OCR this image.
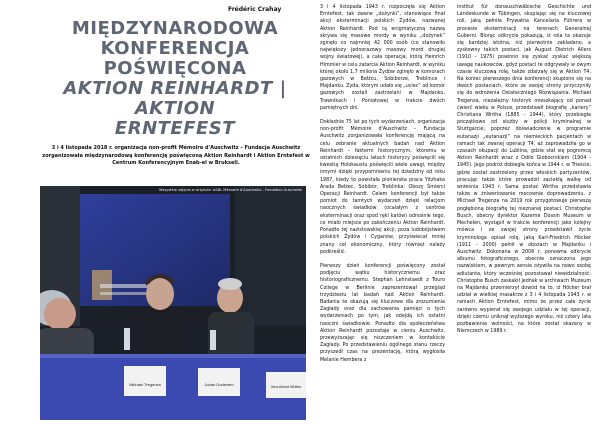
Frédéric Crahay
MIĘDZYNARODOWA
KONFERENCJA POŚWIĘCONA
AKTION REINHARDT | AKTION
ERNTEFEST
3 i 4 listopada 2018 r. organizacja non-profit Mémoire d'Auschwitz – Fundacja Auschwitz zorganizowała międzynarodową konferencję poświęconą Aktion Reinhardt i Aktion Erntefest w Centrum Konferencyjnym Enab-el w Brukseli.
Michael Tregenza	Johan Dodecem	Jens-Bernd Whitter
Wszystkie zdjęcia w artykule: ASBL Mémoire d'Auschwitz - Fondation Auschwitz

3 i 4 listopada 1943 r. rozpoczęła się Aktion Erntefest, tak zwane „dożynki”, stanowiące finał akcji eksterminacji polskich Żydów, nazwanej Aktion Reinhardt. Pod tą enigmatyczną nazwą skrywa się masowe mordy w wyniku „dożynek” zginęło co najmniej 42 000 osób (co stanowiło największy jednorazowy masowy mord drugiej wojny światowej), a cała operacja, którą Heinrich Himmler w celu zatarcia Aktion Reinhardt, w wyniku której około 1,7 miliona Żydów zginęło w komorach gazowych w Bełżcu, Sobiborze, Treblince i Majdanku. Zyda, którym udało się „uciec” od komór gazowych zostali zastrzelani w Majdanku, Trawnikach i Poniatowej w trakcie dwóch pamiętnych dni.

Dokładnie 75 lat po tych wydarzeniach, organizacja non-profit Mémoire d'Auschwitz – Fundacja Auschwitz zorganizowała konferencję mającą na celu zebranie aktualnych badań nad Aktion Reinhardt – fakterm historycznym, któremu w ostatnich dziesięciu latach historycy poświęcili się kwestią Holokaustu poświęcili wiele uwagi, między innymi dzięki przypomnieniu tej dziedziny od roku 1987, kiedy to powstała pionierska praca Yitzhaka Arada Bełżec, Sobibór, Treblinka: Obozy Śmierci Operacji Reinhardt. Celem konferencji był także pomiot do tamtych wydarzeń dzięki relacjom naocznych świadków (ocalałym z centrów eksterminacji oraz spod ręki katów) odnośnie tego, co miało miejsce po zakończeniu Aktion Reinhardt. Ponadto tej nazistowskiej akcji, poza ludobójstwem polskich Żydów i Cyganów, przyświecał mniej znany cel ekonomiczny, który również należy podkreślić.

Pierwszy dzień konferencji poświęcony został podjęciu wątku historycznemu oraz historiograficznemu. Stephan Lehnstaedt z Touro College w Berlinie zaprezentował przegląd trzydziestu lat badań nad Aktion Reinhardt. Badania te okazują się kluczowe dla zrozumienia Zagłady oraz dla zachowania pamięci o tych wydarzeniach po tym, jak odejdą ich ostatni naoczni świadkowie. Ponadto dla społeczeństwa Aktion Reinhardt pozostaje w cieniu Auschwitz, przewyższając się niszczeniem w kontekście Zagłady. Po przedstawieniu ogólnego stanu rzeczy przyszedł czas na prezentację, którą wygłosiła Melanie Hembera z

Institut für donauschwäbische Geschichte und Landeskunde w Tübingen, skupiając się na kluczowej roli, jaką pełniła Prywatna Kancelaria Führera w procesie eksterminacji na terenach Generalnej Guberni. Biorąc odkrycie pokazują, iż rola ta okazuje się bardziej istotna, niż pierwotnie zakładano, a zyskowny takich postaci, jak August Dietrich Allers (1910 - 1975) powinno się zyskać zyskać większą uwagę naukowców, gdyż postaci te odgrywały w owym czasie kluczową rolę, także zdarzały się w Aktion T4. Na koniec pierwszego dnia konferencji skupiono się na dwóch postaciach, które ze swojej strony przyczyniły się do wdrożenia Ostateczniego Rozwiązania. Michael Tregenza, niezależny historyk mieszkający od ponad ćwierć wieku w Polsce, przedstawił biografię „kariery” Christiana Wirtha (1885 - 1944), który przebiegła początkowo od służby w policji kryminalnej w Stuttgarcie, poprzez doświadczenie w programie eutanazji „eutanazji” na niemieckich pacjentach w ramach tak zwanej operacji T4, aż zaprowadziła go w czasach okupacji do Lublina, gdzie stał się pogromcą Aktion Reinhardt wraz z Odilo Globocnikiem (1904 - 1945). Jego podróż dobiegła końca w 1944 r. w Trieście, gdzie został zastrzelony przez włoskich partyzantów, pracując także które prowadził zaciekłą walkę od września 1943 r. Sama postać Wirtha przedstawia także w żniweriowanie mocownie doprowadzeniu, z Michael Tregenza na 2019 rok przygotowuje pierwszą pogłębioną biografię tej nieznanej postaci. Christophe Busch, obecny dyrektor Kazerne Dossin Museum w Mechelen, wystąpił w trakcie konferencji jako kolejny mówca i ze swojej strony przedstawił życie kryminologa opisał rolę, jaką Karl-Friedrich Höcker (1911 - 2000) pełnił w obozach w Majdanku i Auschwitz. Dokonana w 2006 r. ponowna odkrycie albumu fotograficznego, obecnie oznaczona jego nazwiskiem, w pewnym sensie ożywiła na nowo osobę adiutanta, który wcześniej pozostawał niewidzialność. Christophe Busch zaskakił jednak w archiwach Muzeum na Majdanku przemierzył dowód na to, iż Höcker brał udział w wielkiej masakrze z 3 i 4 listopada 1943 r. w ramach Aktion Erntefest, mimo że przez całe życie zarówno wypierał się swojego udziału w tej operacji, dzięki czemu uniknął wyższego wyroku, niż cztery lata pozbawienia wolności, na które został skazany w Niemczech w 1989 r.
